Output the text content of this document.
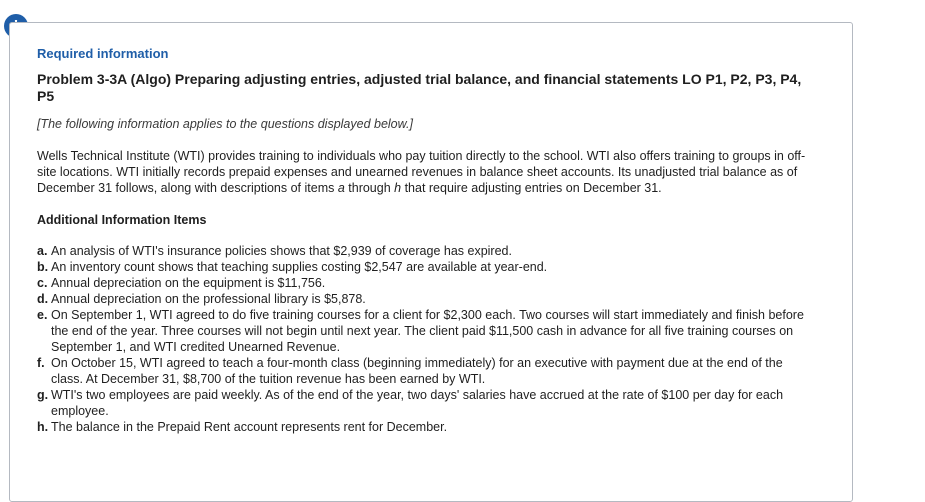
Required information

Problem 3-3A (Algo) Preparing adjusting entries, adjusted trial balance, and financial statements LO P1, P2, P3, P4, P5

[The following information applies to the questions displayed below.]

Wells Technical Institute (WTI) provides training to individuals who pay tuition directly to the school. WTI also offers training to groups in off-site locations. WTI initially records prepaid expenses and unearned revenues in balance sheet accounts. Its unadjusted trial balance as of December 31 follows, along with descriptions of items a through h that require adjusting entries on December 31.

Additional Information Items

a. An analysis of WTI's insurance policies shows that $2,939 of coverage has expired.
b. An inventory count shows that teaching supplies costing $2,547 are available at year-end.
c. Annual depreciation on the equipment is $11,756.
d. Annual depreciation on the professional library is $5,878.
e. On September 1, WTI agreed to do five training courses for a client for $2,300 each. Two courses will start immediately and finish before the end of the year. Three courses will not begin until next year. The client paid $11,500 cash in advance for all five training courses on September 1, and WTI credited Unearned Revenue.
f. On October 15, WTI agreed to teach a four-month class (beginning immediately) for an executive with payment due at the end of the class. At December 31, $8,700 of the tuition revenue has been earned by WTI.
g. WTI's two employees are paid weekly. As of the end of the year, two days' salaries have accrued at the rate of $100 per day for each employee.
h. The balance in the Prepaid Rent account represents rent for December.
